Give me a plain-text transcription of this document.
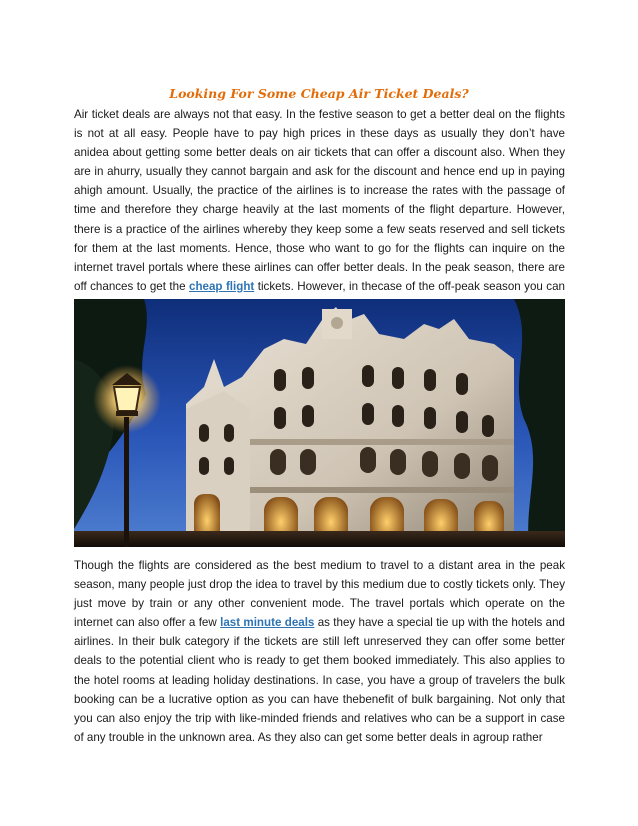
Looking For Some Cheap Air Ticket Deals?

Air ticket deals are always not that easy. In the festive season to get a better deal on the flights is not at all easy. People have to pay high prices in these days as usually they don’t have anidea about getting some better deals on air tickets that can offer a discount also. When they are in ahurry, usually they cannot bargain and ask for the discount and hence end up in paying ahigh amount. Usually, the practice of the airlines is to increase the rates with the passage of time and therefore they charge heavily at the last moments of the flight departure. However, there is a practice of the airlines whereby they keep some a few seats reserved and sell tickets for them at the last moments. Hence, those who want to go for the flights can inquire on the internet travel portals where these airlines can offer better deals. In the peak season, there are off chances to get the cheap flight tickets. However, in thecase of the off-peak season you can

Though the flights are considered as the best medium to travel to a distant area in the peak season, many people just drop the idea to travel by this medium due to costly tickets only. They just move by train or any other convenient mode. The travel portals which operate on the internet can also offer a few last minute deals as they have a special tie up with the hotels and airlines. In their bulk category if the tickets are still left unreserved they can offer some better deals to the potential client who is ready to get them booked immediately. This also applies to the hotel rooms at leading holiday destinations. In case, you have a group of travelers the bulk booking can be a lucrative option as you can have thebenefit of bulk bargaining. Not only that you can also enjoy the trip with like-minded friends and relatives who can be a support in case of any trouble in the unknown area. As they also can get some better deals in agroup rather
